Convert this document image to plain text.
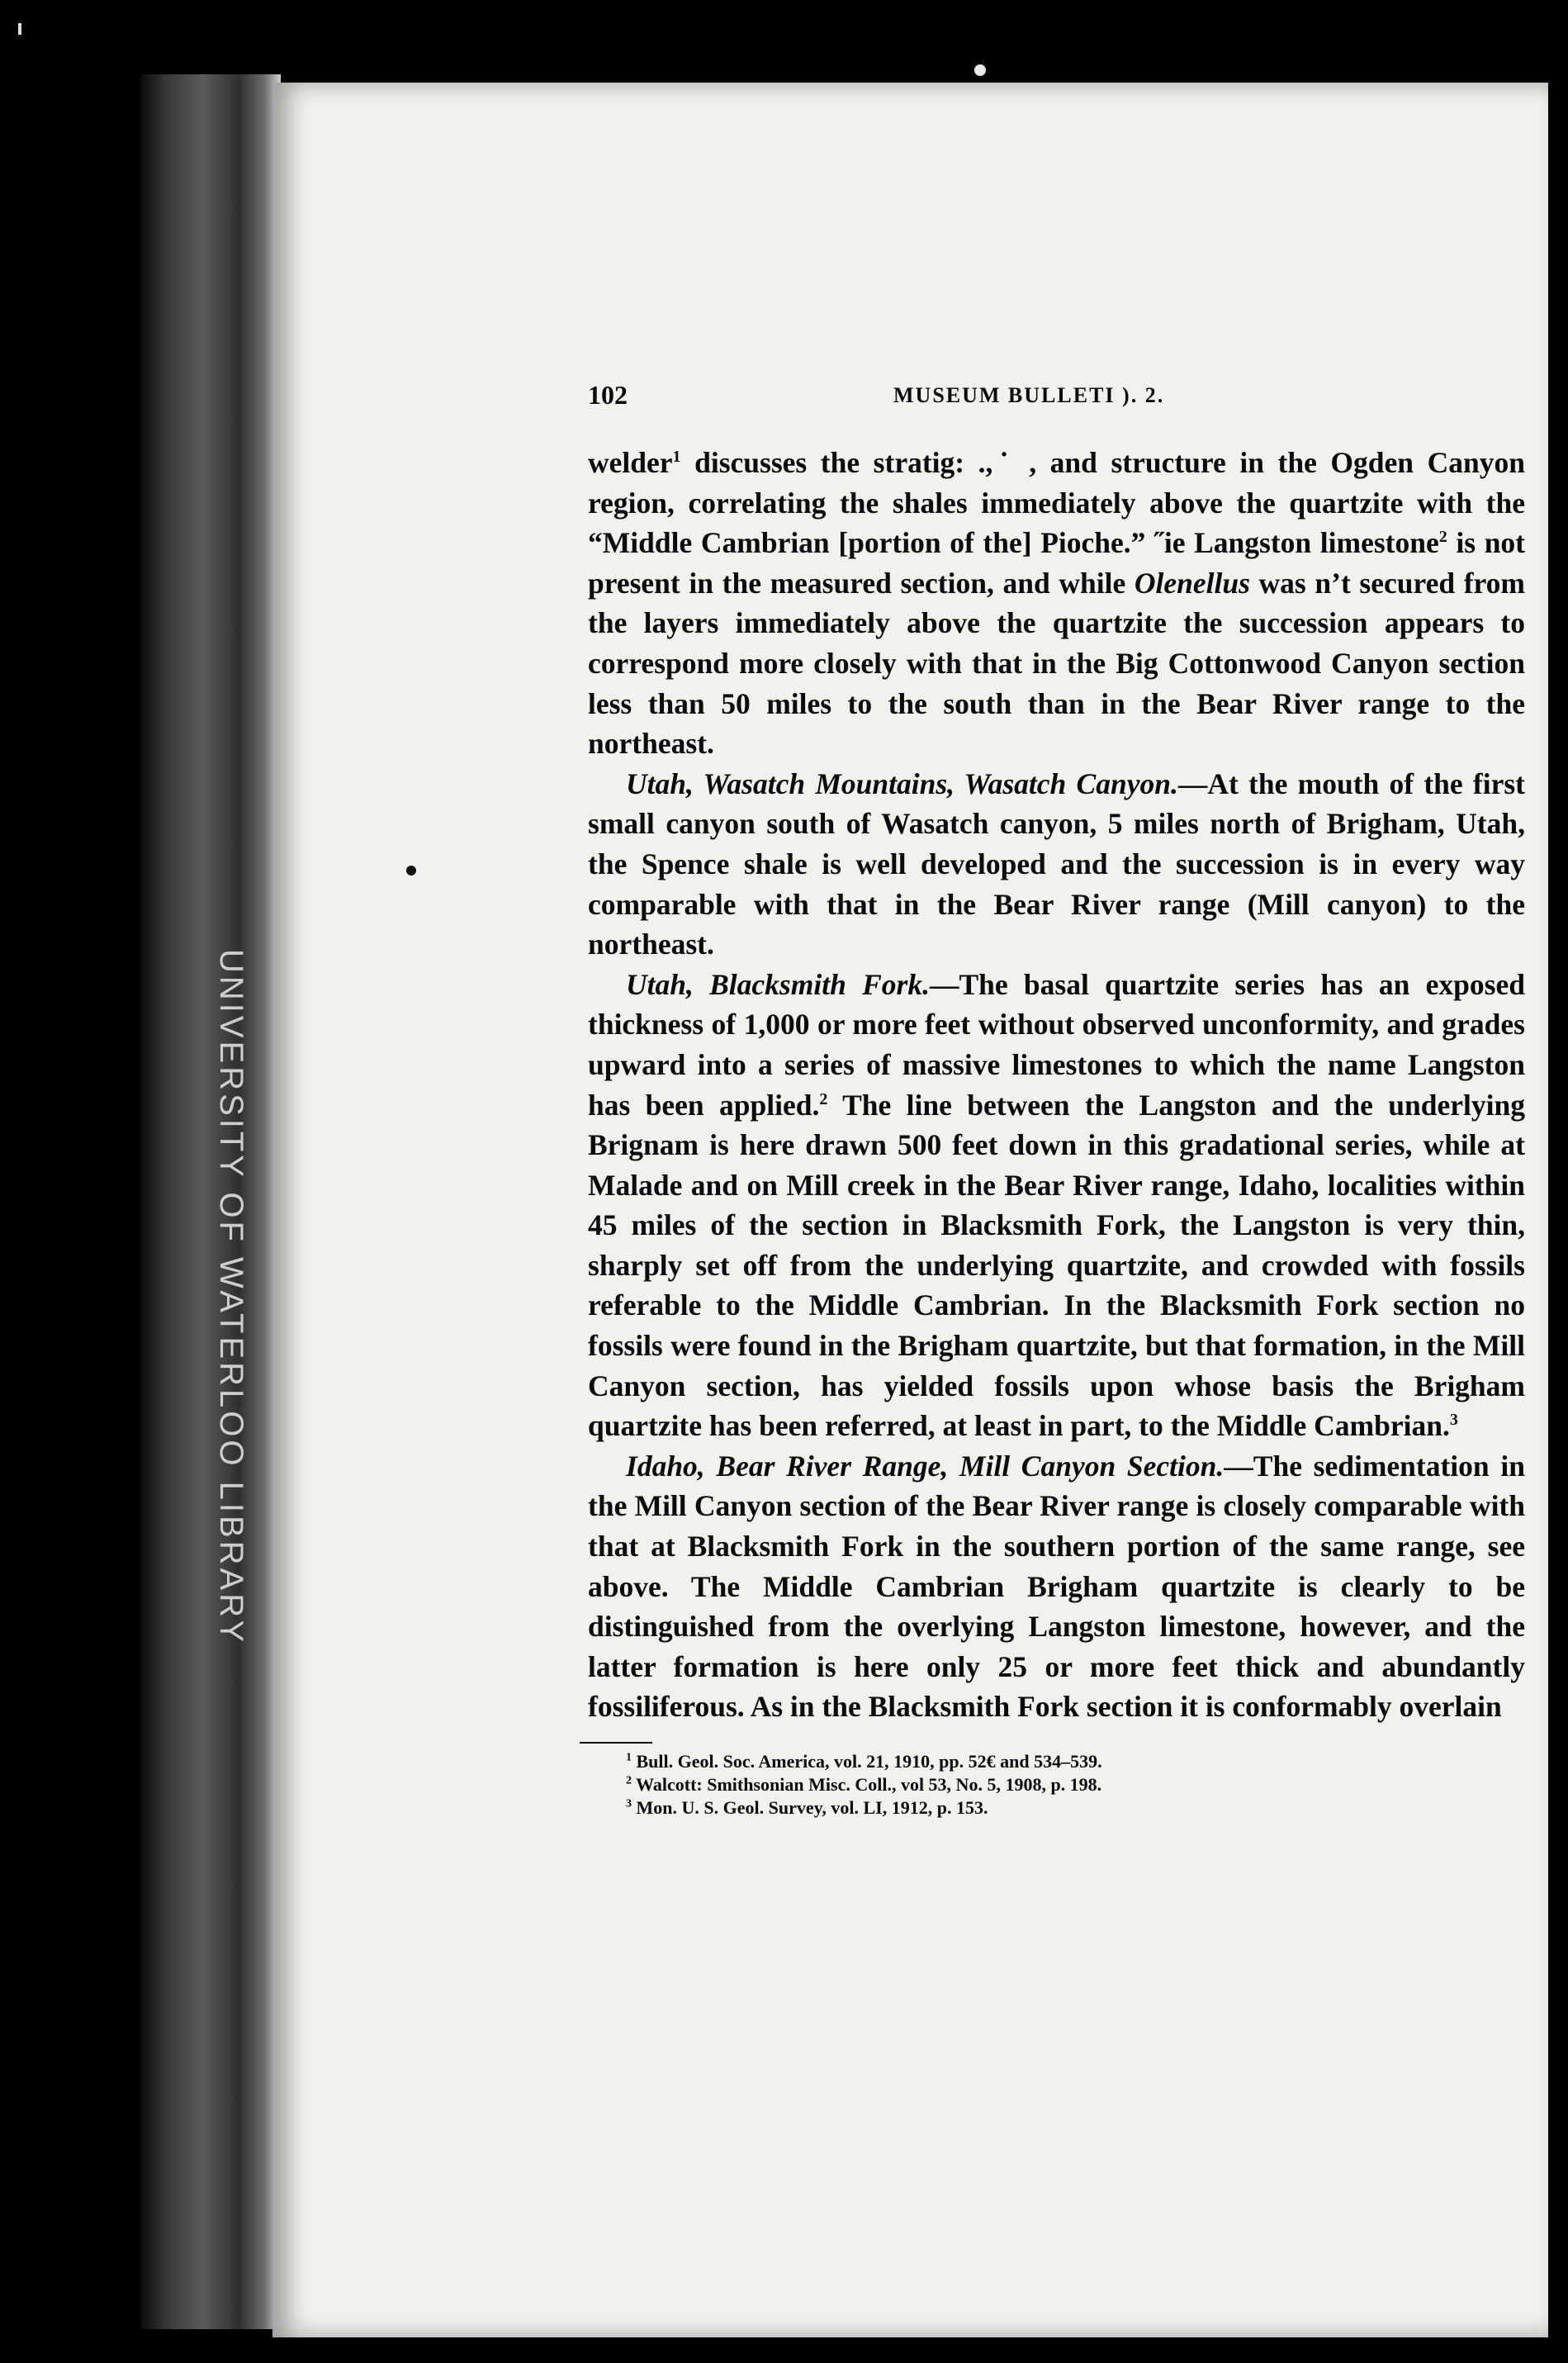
UNIVERSITY OF WATERLOO LIBRARY
102	MUSEUM BULLETI ). 2.

welder$^1$ discusses the stratig: .,˙ , and structure in the Ogden Canyon region, correlating the shales immediately above the quartzite with the “Middle Cambrian [portion of the] Pioche.” ˝ie Langston limestone$^2$ is not present in the measured section, and while Olenellus was n’t secured from the layers immediately above the quartzite the succession appears to correspond more closely with that in the Big Cottonwood Canyon section less than 50 miles to the south than in the Bear River range to the northeast.

Utah, Wasatch Mountains, Wasatch Canyon.—At the mouth of the first small canyon south of Wasatch canyon, 5 miles north of Brigham, Utah, the Spence shale is well developed and the succession is in every way comparable with that in the Bear River range (Mill canyon) to the northeast.

Utah, Blacksmith Fork.—The basal quartzite series has an exposed thickness of 1,000 or more feet without observed unconformity, and grades upward into a series of massive limestones to which the name Langston has been applied.$^2$ The line between the Langston and the underlying Brignam is here drawn 500 feet down in this gradational series, while at Malade and on Mill creek in the Bear River range, Idaho, localities within 45 miles of the section in Blacksmith Fork, the Langston is very thin, sharply set off from the underlying quartzite, and crowded with fossils referable to the Middle Cambrian. In the Blacksmith Fork section no fossils were found in the Brigham quartzite, but that formation, in the Mill Canyon section, has yielded fossils upon whose basis the Brigham quartzite has been referred, at least in part, to the Middle Cambrian.$^3$

Idaho, Bear River Range, Mill Canyon Section.—The sedimentation in the Mill Canyon section of the Bear River range is closely comparable with that at Blacksmith Fork in the southern portion of the same range, see above. The Middle Cambrian Brigham quartzite is clearly to be distinguished from the overlying Langston limestone, however, and the latter formation is here only 25 or more feet thick and abundantly fossiliferous. As in the Blacksmith Fork section it is conformably overlain

$^1$ Bull. Geol. Soc. America, vol. 21, 1910, pp. 52€ and 534–539.
$^2$ Walcott: Smithsonian Misc. Coll., vol 53, No. 5, 1908, p. 198.
$^3$ Mon. U. S. Geol. Survey, vol. LI, 1912, p. 153.
